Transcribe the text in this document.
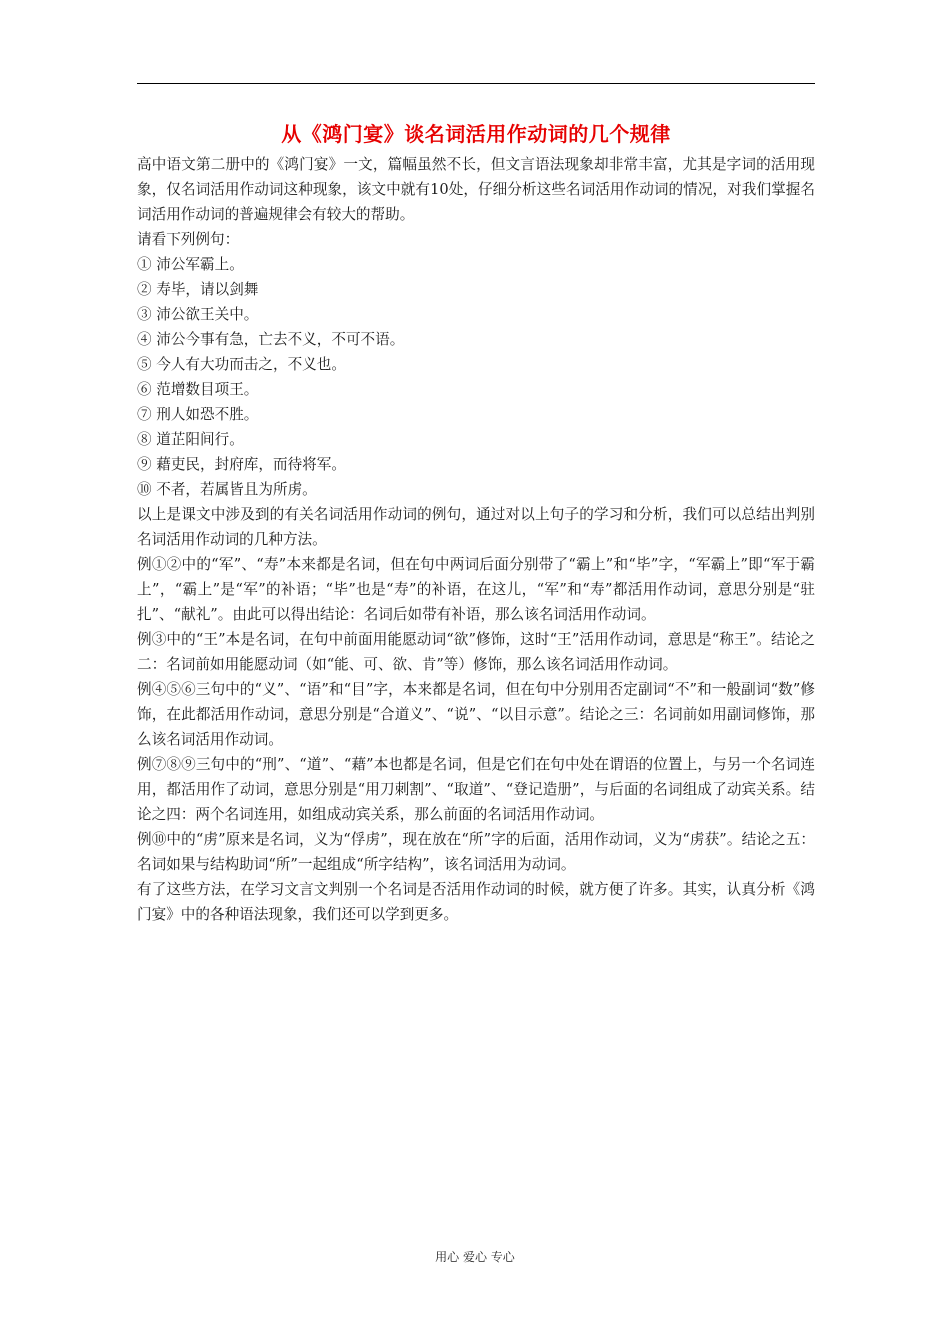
从《鸿门宴》谈名词活用作动词的几个规律

高中语文第二册中的《鸿门宴》一文，篇幅虽然不长，但文言语法现象却非常丰富，尤其是字词的活用现象，仅名词活用作动词这种现象，该文中就有10处，仔细分析这些名词活用作动词的情况，对我们掌握名词活用作动词的普遍规律会有较大的帮助。

请看下列例句：

① 沛公军霸上。
② 寿毕，请以剑舞
③ 沛公欲王关中。
④ 沛公今事有急，亡去不义，不可不语。
⑤ 今人有大功而击之，不义也。
⑥ 范增数目项王。
⑦ 刑人如恐不胜。
⑧ 道芷阳间行。
⑨ 藉吏民，封府库，而待将军。
⑩ 不者，若属皆且为所虏。

以上是课文中涉及到的有关名词活用作动词的例句，通过对以上句子的学习和分析，我们可以总结出判别名词活用作动词的几种方法。

例①②中的“军”、“寿”本来都是名词，但在句中两词后面分别带了“霸上”和“毕”字，“军霸上”即“军于霸上”，“霸上”是“军”的补语；“毕”也是“寿”的补语，在这儿，“军”和“寿”都活用作动词，意思分别是“驻扎”、“献礼”。由此可以得出结论：名词后如带有补语，那么该名词活用作动词。

例③中的“王”本是名词，在句中前面用能愿动词“欲”修饰，这时“王”活用作动词，意思是“称王”。结论之二：名词前如用能愿动词（如“能、可、欲、肯”等）修饰，那么该名词活用作动词。

例④⑤⑥三句中的“义”、“语”和“目”字，本来都是名词，但在句中分别用否定副词“不”和一般副词“数”修饰，在此都活用作动词，意思分别是“合道义”、“说”、“以目示意”。结论之三：名词前如用副词修饰，那么该名词活用作动词。

例⑦⑧⑨三句中的“刑”、“道”、“藉”本也都是名词，但是它们在句中处在谓语的位置上，与另一个名词连用，都活用作了动词，意思分别是“用刀刺割”、“取道”、“登记造册”，与后面的名词组成了动宾关系。结论之四：两个名词连用，如组成动宾关系，那么前面的名词活用作动词。

例⑩中的“虏”原来是名词，义为“俘虏”，现在放在“所”字的后面，活用作动词，义为“虏获”。结论之五：名词如果与结构助词“所”一起组成“所字结构”，该名词活用为动词。

有了这些方法，在学习文言文判别一个名词是否活用作动词的时候，就方便了许多。其实，认真分析《鸿门宴》中的各种语法现象，我们还可以学到更多。

用心 爱心 专心
